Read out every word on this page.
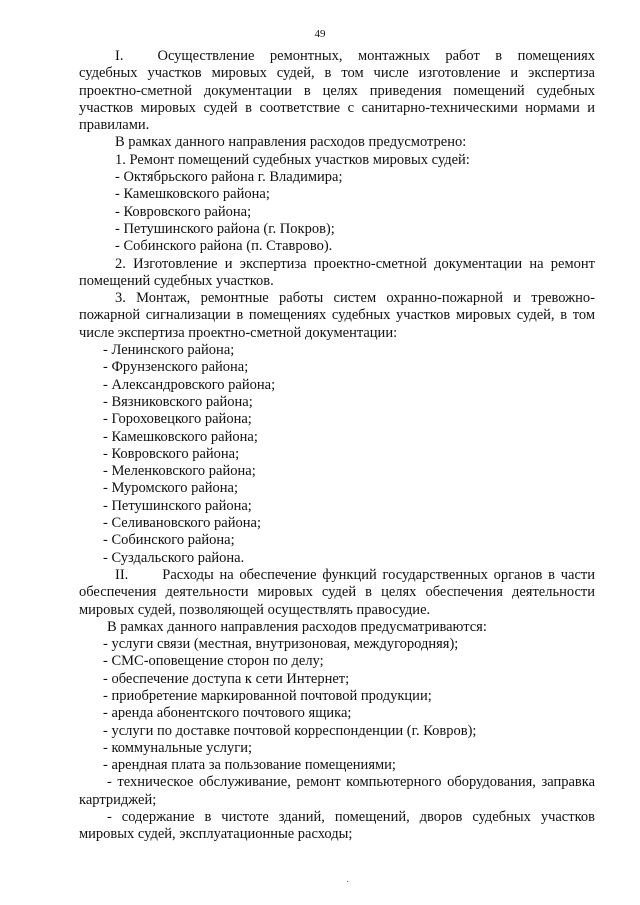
49

I. Осуществление ремонтных, монтажных работ в помещениях судебных участков мировых судей, в том числе изготовление и экспертиза проектно-сметной документации в целях приведения помещений судебных участков мировых судей в соответствие с санитарно-техническими нормами и правилами.

В рамках данного направления расходов предусмотрено:

1. Ремонт помещений судебных участков мировых судей:

- Октябрьского района г. Владимира;

- Камешковского района;

- Ковровского района;

- Петушинского района (г. Покров);

- Собинского района (п. Ставрово).

2. Изготовление и экспертиза проектно-сметной документации на ремонт помещений судебных участков.

3. Монтаж, ремонтные работы систем охранно-пожарной и тревожно-пожарной сигнализации в помещениях судебных участков мировых судей, в том числе экспертиза проектно-сметной документации:

- Ленинского района;

- Фрунзенского района;

- Александровского района;

- Вязниковского района;

- Гороховецкого района;

- Камешковского района;

- Ковровского района;

- Меленковского района;

- Муромского района;

- Петушинского района;

- Селивановского района;

- Собинского района;

- Суздальского района.

II. Расходы на обеспечение функций государственных органов в части обеспечения деятельности мировых судей в целях обеспечения деятельности мировых судей, позволяющей осуществлять правосудие.

В рамках данного направления расходов предусматриваются:

- услуги связи (местная, внутризоновая, междугородняя);

- СМС-оповещение сторон по делу;

- обеспечение доступа к сети Интернет;

- приобретение маркированной почтовой продукции;

- аренда абонентского почтового ящика;

- услуги по доставке почтовой корреспонденции (г. Ковров);

- коммунальные услуги;

- арендная плата за пользование помещениями;

- техническое обслуживание, ремонт компьютерного оборудования, заправка картриджей;

- содержание в чистоте зданий, помещений, дворов судебных участков мировых судей, эксплуатационные расходы;

˙
